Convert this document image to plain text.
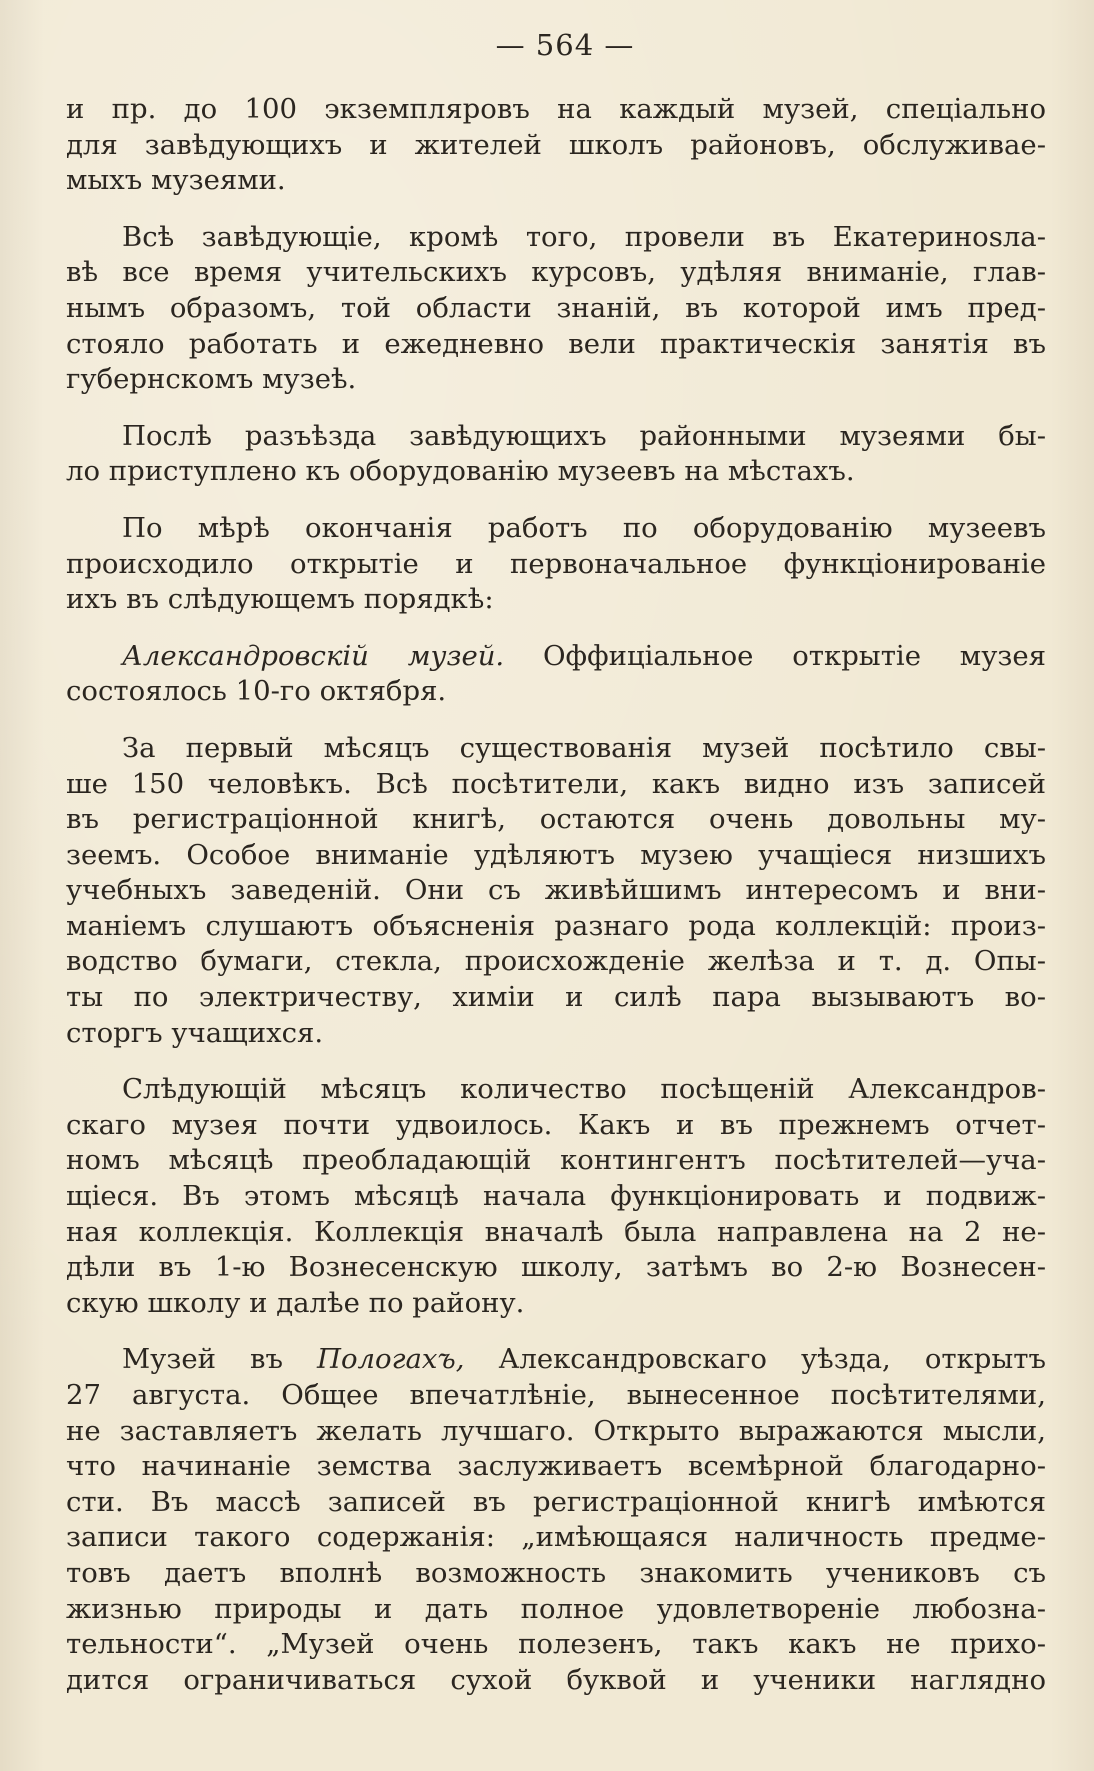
— 564 —
и пр. до 100 экземпляровъ на каждый музей, спеціально
для завѣдующихъ и жителей школъ районовъ, обслуживае-
мыхъ музеями.
Всѣ завѣдующіе, кромѣ того, провели въ Екатеринosла-
вѣ все время учительскихъ курсовъ, удѣляя вниманіе, глав-
нымъ образомъ, той области знаній, въ которой имъ пред-
стояло работать и ежедневно вели практическія занятія въ
губернскомъ музеѣ.
Послѣ разъѣзда завѣдующихъ районными музеями бы-
ло приступлено къ оборудованію музеевъ на мѣстахъ.
По мѣрѣ окончанія работъ по оборудованію музеевъ
происходило открытіе и первоначальное функціонированіе
ихъ въ слѣдующемъ порядкѣ:
Александровскій музей. Оффиціальное открытіе музея
состоялось 10-го октября.
За первый мѣсяцъ существованія музей посѣтило свы-
ше 150 человѣкъ. Всѣ посѣтители, какъ видно изъ записей
въ регистраціонной книгѣ, остаются очень довольны му-
зеемъ. Особое вниманіе удѣляютъ музею учащіеся низшихъ
учебныхъ заведеній. Они съ живѣйшимъ интересомъ и вни-
маніемъ слушаютъ объясненія разнаго рода коллекцій: произ-
водство бумаги, стекла, происхожденіе желѣза и т. д. Опы-
ты по электричеству, химіи и силѣ пара вызываютъ во-
сторгъ учащихся.
Слѣдующій мѣсяцъ количество посѣщеній Александров-
скаго музея почти удвоилось. Какъ и въ прежнемъ отчет-
номъ мѣсяцѣ преобладающій контингентъ посѣтителей—уча-
щіеся. Въ этомъ мѣсяцѣ начала функціонировать и подвиж-
ная коллекція. Коллекція вначалѣ была направлена на 2 не-
дѣли въ 1-ю Вознесенскую школу, затѣмъ во 2-ю Вознесен-
скую школу и далѣе по району.
Музей въ Пологахъ, Александровскаго уѣзда, открытъ
27 августа. Общее впечатлѣніе, вынесенное посѣтителями,
не заставляетъ желать лучшаго. Открыто выражаются мысли,
что начинаніе земства заслуживаетъ всемѣрной благодарно-
сти. Въ массѣ записей въ регистраціонной книгѣ имѣются
записи такого содержанія: „имѣющаяся наличность предме-
товъ даетъ вполнѣ возможность знакомить учениковъ съ
жизнью природы и дать полное удовлетвореніе любозна-
тельности“. „Музей очень полезенъ, такъ какъ не прихо-
дится ограничиваться сухой буквой и ученики наглядно
